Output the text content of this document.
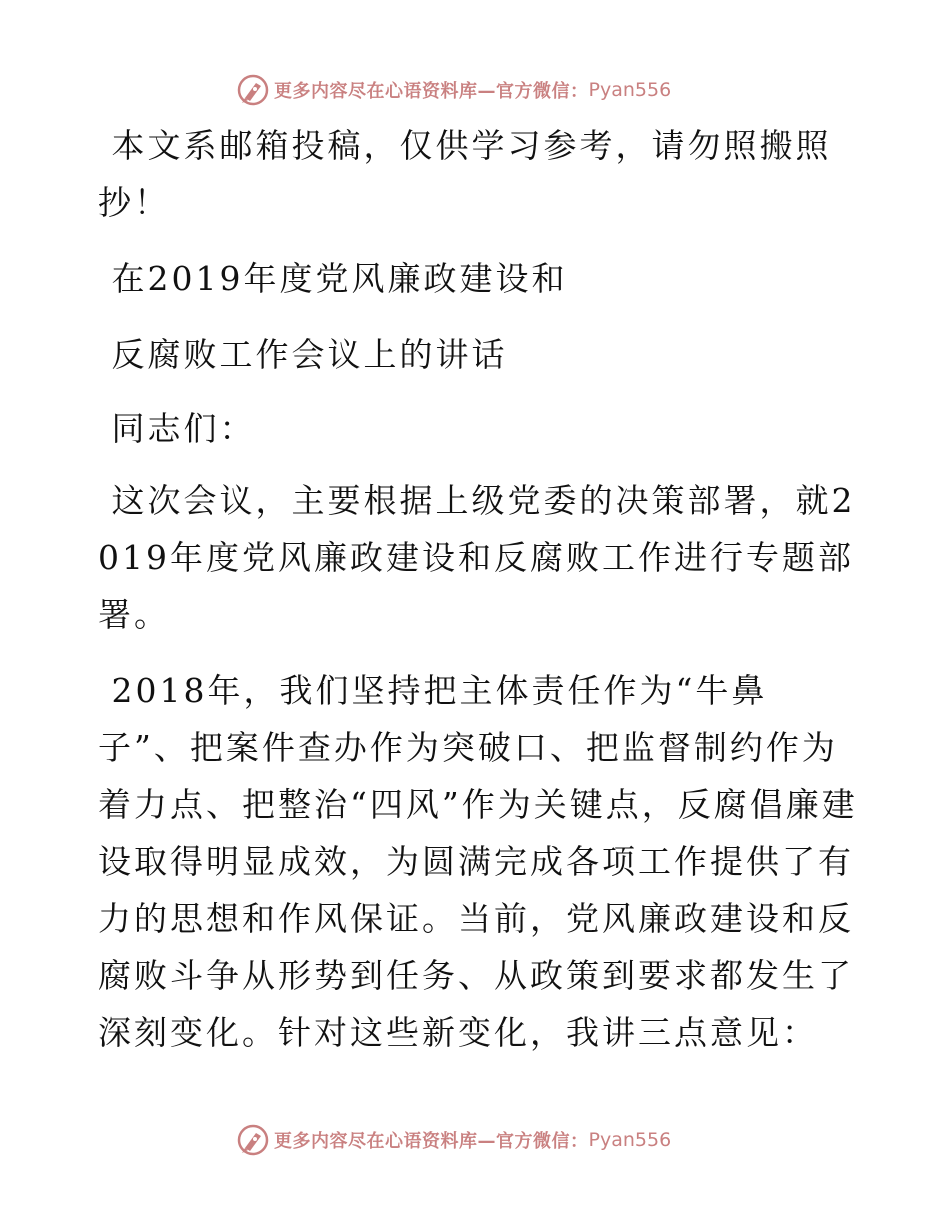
更多内容尽在心语资料库—官方微信： Pyan556

本文系邮箱投稿，仅供学习参考，请勿照搬照抄！

在2019年度党风廉政建设和

反腐败工作会议上的讲话

同志们：

这次会议，主要根据上级党委的决策部署，就2019年度党风廉政建设和反腐败工作进行专题部署。

2018年，我们坚持把主体责任作为“牛鼻子”、把案件查办作为突破口、把监督制约作为着力点、把整治“四风”作为关键点，反腐倡廉建设取得明显成效，为圆满完成各项工作提供了有力的思想和作风保证。当前，党风廉政建设和反腐败斗争从形势到任务、从政策到要求都发生了深刻变化。针对这些新变化，我讲三点意见：

更多内容尽在心语资料库—官方微信： Pyan556
